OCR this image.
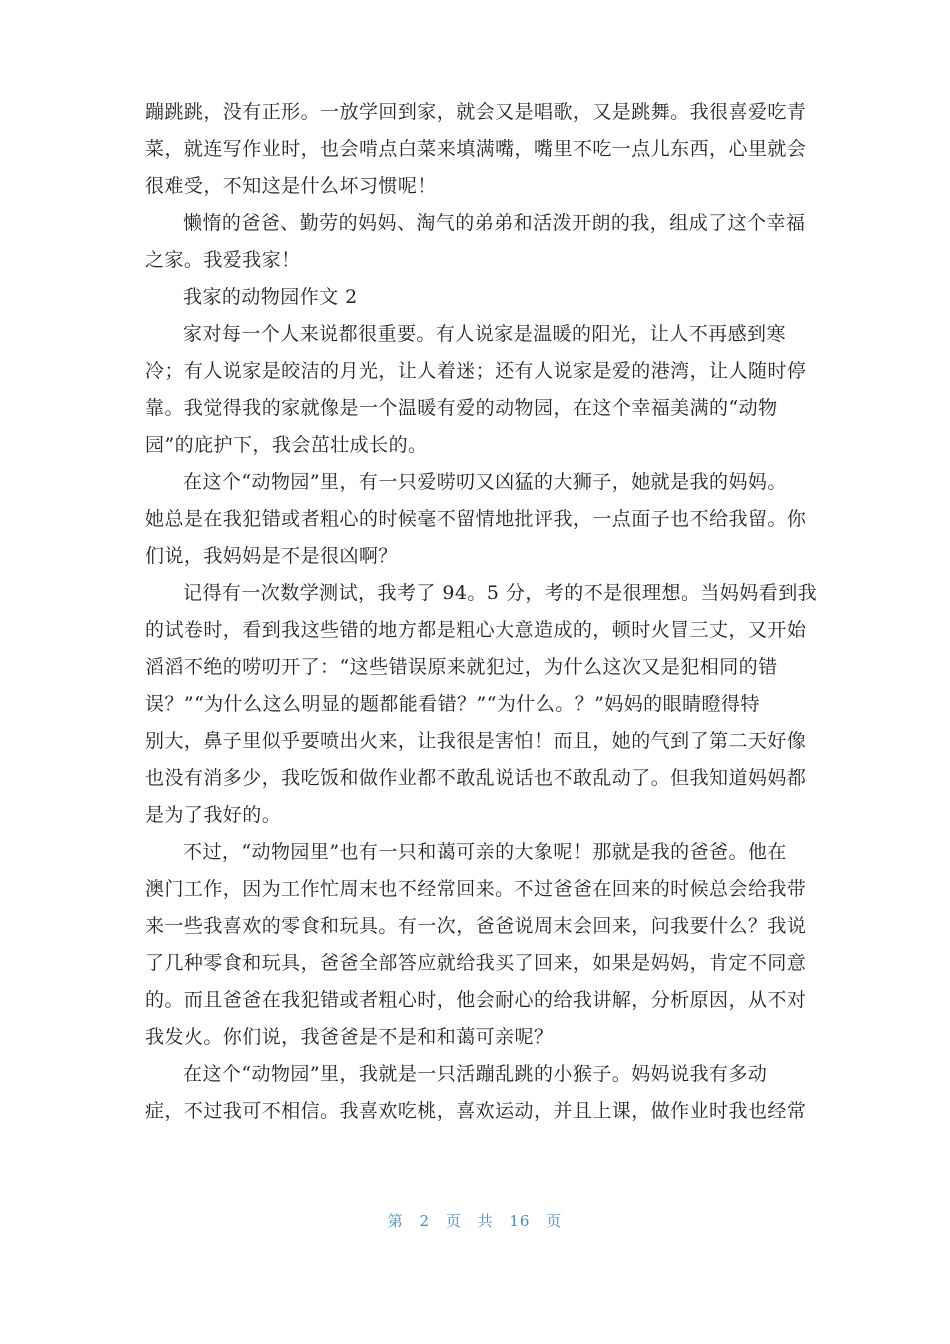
蹦跳跳，没有正形。一放学回到家，就会又是唱歌，又是跳舞。我很喜爱吃青
菜，就连写作业时，也会啃点白菜来填满嘴，嘴里不吃一点儿东西，心里就会
很难受，不知这是什么坏习惯呢！
懒惰的爸爸、勤劳的妈妈、淘气的弟弟和活泼开朗的我，组成了这个幸福
之家。我爱我家！
我家的动物园作文 2
家对每一个人来说都很重要。有人说家是温暖的阳光，让人不再感到寒
冷；有人说家是皎洁的月光，让人着迷；还有人说家是爱的港湾，让人随时停
靠。我觉得我的家就像是一个温暖有爱的动物园，在这个幸福美满的“动物
园”的庇护下，我会茁壮成长的。
在这个“动物园”里，有一只爱唠叨又凶猛的大狮子，她就是我的妈妈。
她总是在我犯错或者粗心的时候毫不留情地批评我，一点面子也不给我留。你
们说，我妈妈是不是很凶啊？
记得有一次数学测试，我考了 94。5 分，考的不是很理想。当妈妈看到我
的试卷时，看到我这些错的地方都是粗心大意造成的，顿时火冒三丈，又开始
滔滔不绝的唠叨开了：“这些错误原来就犯过，为什么这次又是犯相同的错
误？”“为什么这么明显的题都能看错？”“为什么。？”妈妈的眼睛瞪得特
别大，鼻子里似乎要喷出火来，让我很是害怕！而且，她的气到了第二天好像
也没有消多少，我吃饭和做作业都不敢乱说话也不敢乱动了。但我知道妈妈都
是为了我好的。
不过，“动物园里”也有一只和蔼可亲的大象呢！那就是我的爸爸。他在
澳门工作，因为工作忙周末也不经常回来。不过爸爸在回来的时候总会给我带
来一些我喜欢的零食和玩具。有一次，爸爸说周末会回来，问我要什么？我说
了几种零食和玩具，爸爸全部答应就给我买了回来，如果是妈妈，肯定不同意
的。而且爸爸在我犯错或者粗心时，他会耐心的给我讲解，分析原因，从不对
我发火。你们说，我爸爸是不是和和蔼可亲呢？
在这个“动物园”里，我就是一只活蹦乱跳的小猴子。妈妈说我有多动
症，不过我可不相信。我喜欢吃桃，喜欢运动，并且上课，做作业时我也经常
第 2 页 共 16 页
